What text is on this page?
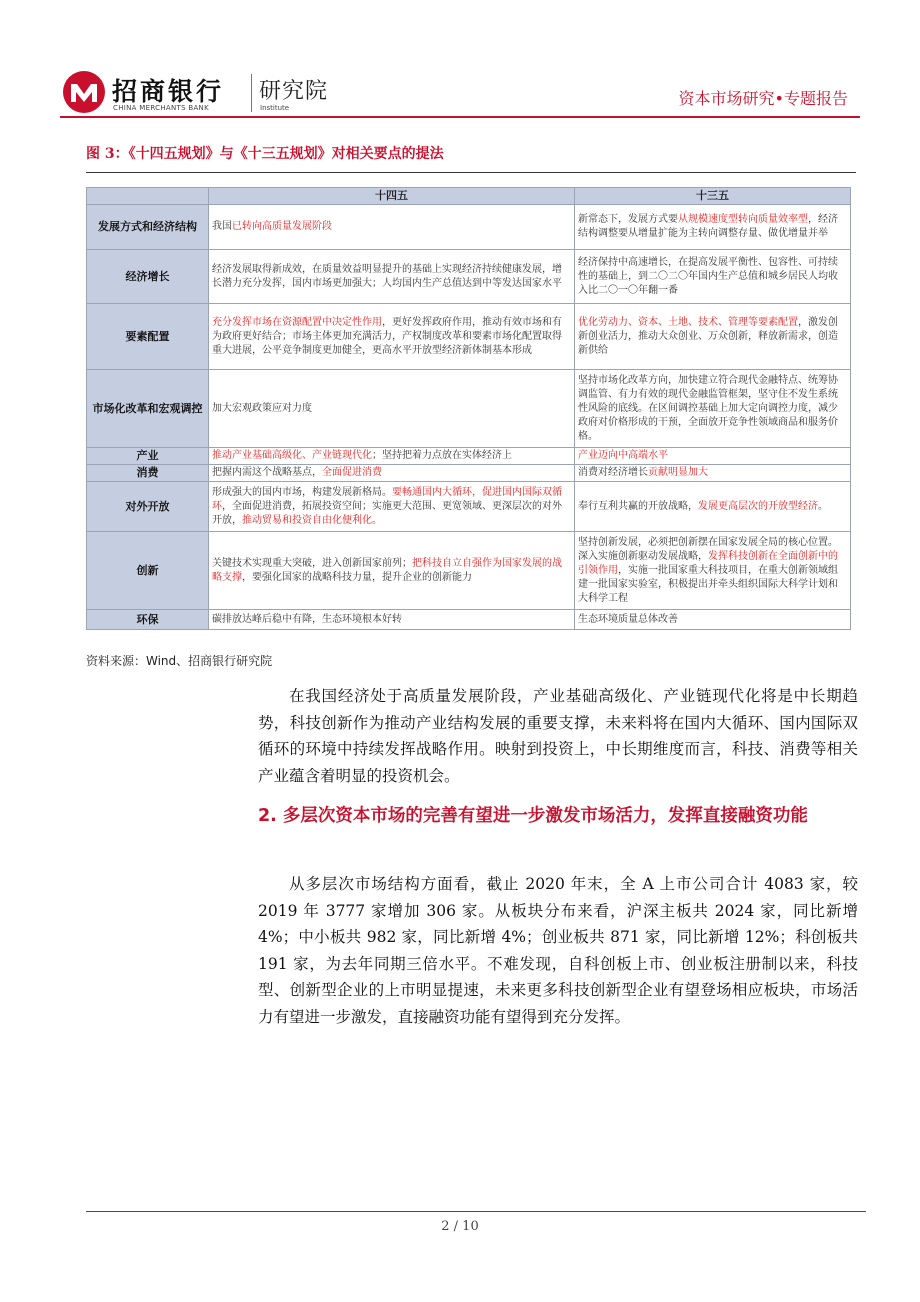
招商银行
CHINA MERCHANTS BANK
研究院
Institute	资本市场研究•专题报告
图 3：《十四五规划》与《十三五规划》对相关要点的提法
	十四五	十三五
发展方式和经济结构	我国已转向高质量发展阶段	新常态下，发展方式要从规模速度型转向质量效率型，经济结构调整要从增量扩能为主转向调整存量、做优增量并举
经济增长	经济发展取得新成效，在质量效益明显提升的基础上实现经济持续健康发展，增长潜力充分发挥，国内市场更加强大；人均国内生产总值达到中等发达国家水平	经济保持中高速增长，在提高发展平衡性、包容性、可持续性的基础上，到二〇二〇年国内生产总值和城乡居民人均收入比二〇一〇年翻一番
要素配置	充分发挥市场在资源配置中决定性作用，更好发挥政府作用，推动有效市场和有为政府更好结合；市场主体更加充满活力，产权制度改革和要素市场化配置取得重大进展，公平竞争制度更加健全，更高水平开放型经济新体制基本形成	优化劳动力、资本、土地、技术、管理等要素配置，激发创新创业活力，推动大众创业、万众创新，释放新需求，创造新供给
市场化改革和宏观调控	加大宏观政策应对力度	坚持市场化改革方向，加快建立符合现代金融特点、统筹协调监管、有力有效的现代金融监管框架，坚守住不发生系统性风险的底线。在区间调控基础上加大定向调控力度，减少政府对价格形成的干预，全面放开竞争性领域商品和服务价格。
产业	推动产业基础高级化、产业链现代化；坚持把着力点放在实体经济上	产业迈向中高端水平
消费	把握内需这个战略基点，全面促进消费	消费对经济增长贡献明显加大
对外开放	形成强大的国内市场，构建发展新格局。要畅通国内大循环，促进国内国际双循环，全面促进消费，拓展投资空间；实施更大范围、更宽领域、更深层次的对外开放，推动贸易和投资自由化便利化。	奉行互利共赢的开放战略，发展更高层次的开放型经济。
创新	关键技术实现重大突破，进入创新国家前列；把科技自立自强作为国家发展的战略支撑，要强化国家的战略科技力量，提升企业的创新能力	坚持创新发展，必须把创新摆在国家发展全局的核心位置。深入实施创新驱动发展战略，发挥科技创新在全面创新中的引领作用，实施一批国家重大科技项目，在重大创新领域组建一批国家实验室，积极提出并牵头组织国际大科学计划和大科学工程
环保	碳排放达峰后稳中有降，生态环境根本好转	生态环境质量总体改善
资料来源：Wind、招商银行研究院

在我国经济处于高质量发展阶段，产业基础高级化、产业链现代化将是中长期趋势，科技创新作为推动产业结构发展的重要支撑，未来料将在国内大循环、国内国际双循环的环境中持续发挥战略作用。映射到投资上，中长期维度而言，科技、消费等相关产业蕴含着明显的投资机会。

2. 多层次资本市场的完善有望进一步激发市场活力，发挥直接融资功能

从多层次市场结构方面看，截止 2020 年末，全 A 上市公司合计 4083 家，较 2019 年 3777 家增加 306 家。从板块分布来看，沪深主板共 2024 家，同比新增 4%；中小板共 982 家，同比新增 4%；创业板共 871 家，同比新增 12%；科创板共 191 家，为去年同期三倍水平。不难发现，自科创板上市、创业板注册制以来，科技型、创新型企业的上市明显提速，未来更多科技创新型企业有望登场相应板块，市场活力有望进一步激发，直接融资功能有望得到充分发挥。

2 / 10
